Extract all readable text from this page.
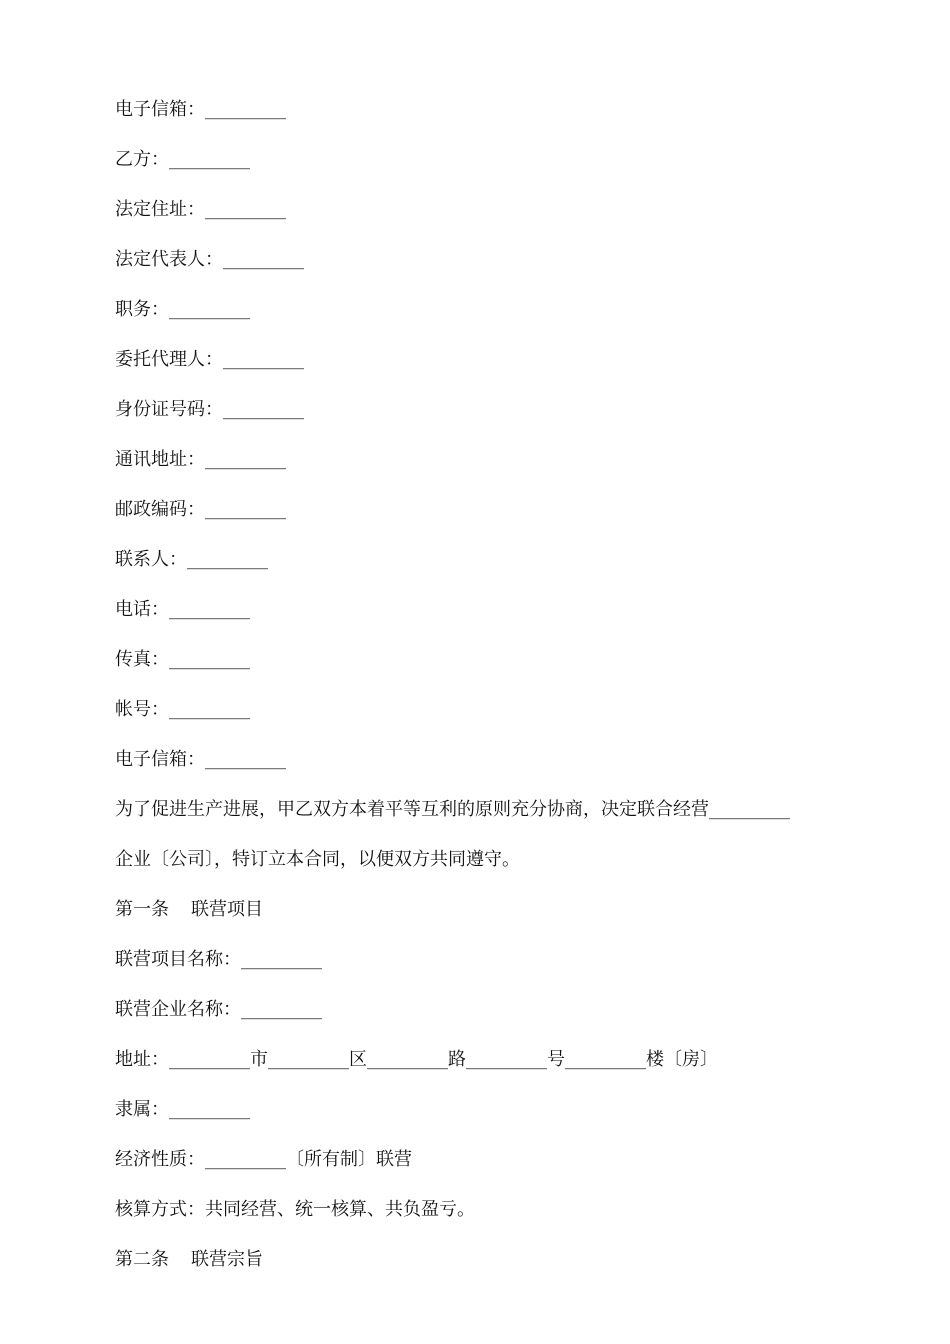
电子信箱：_________
乙方：_________
法定住址：_________
法定代表人：_________
职务：_________
委托代理人：_________
身份证号码：_________
通讯地址：_________
邮政编码：_________
联系人：_________
电话：_________
传真：_________
帐号：_________
电子信箱：_________
为了促进生产进展，甲乙双方本着平等互利的原则充分协商，决定联合经营_________
企业〔公司〕，特订立本合同，以便双方共同遵守。
第一条 联营项目
联营项目名称：_________
联营企业名称：_________
地址：_________市_________区_________路_________号_________楼〔房〕
隶属：_________
经济性质：_________〔所有制〕联营
核算方式：共同经营、统一核算、共负盈亏。
第二条 联营宗旨
